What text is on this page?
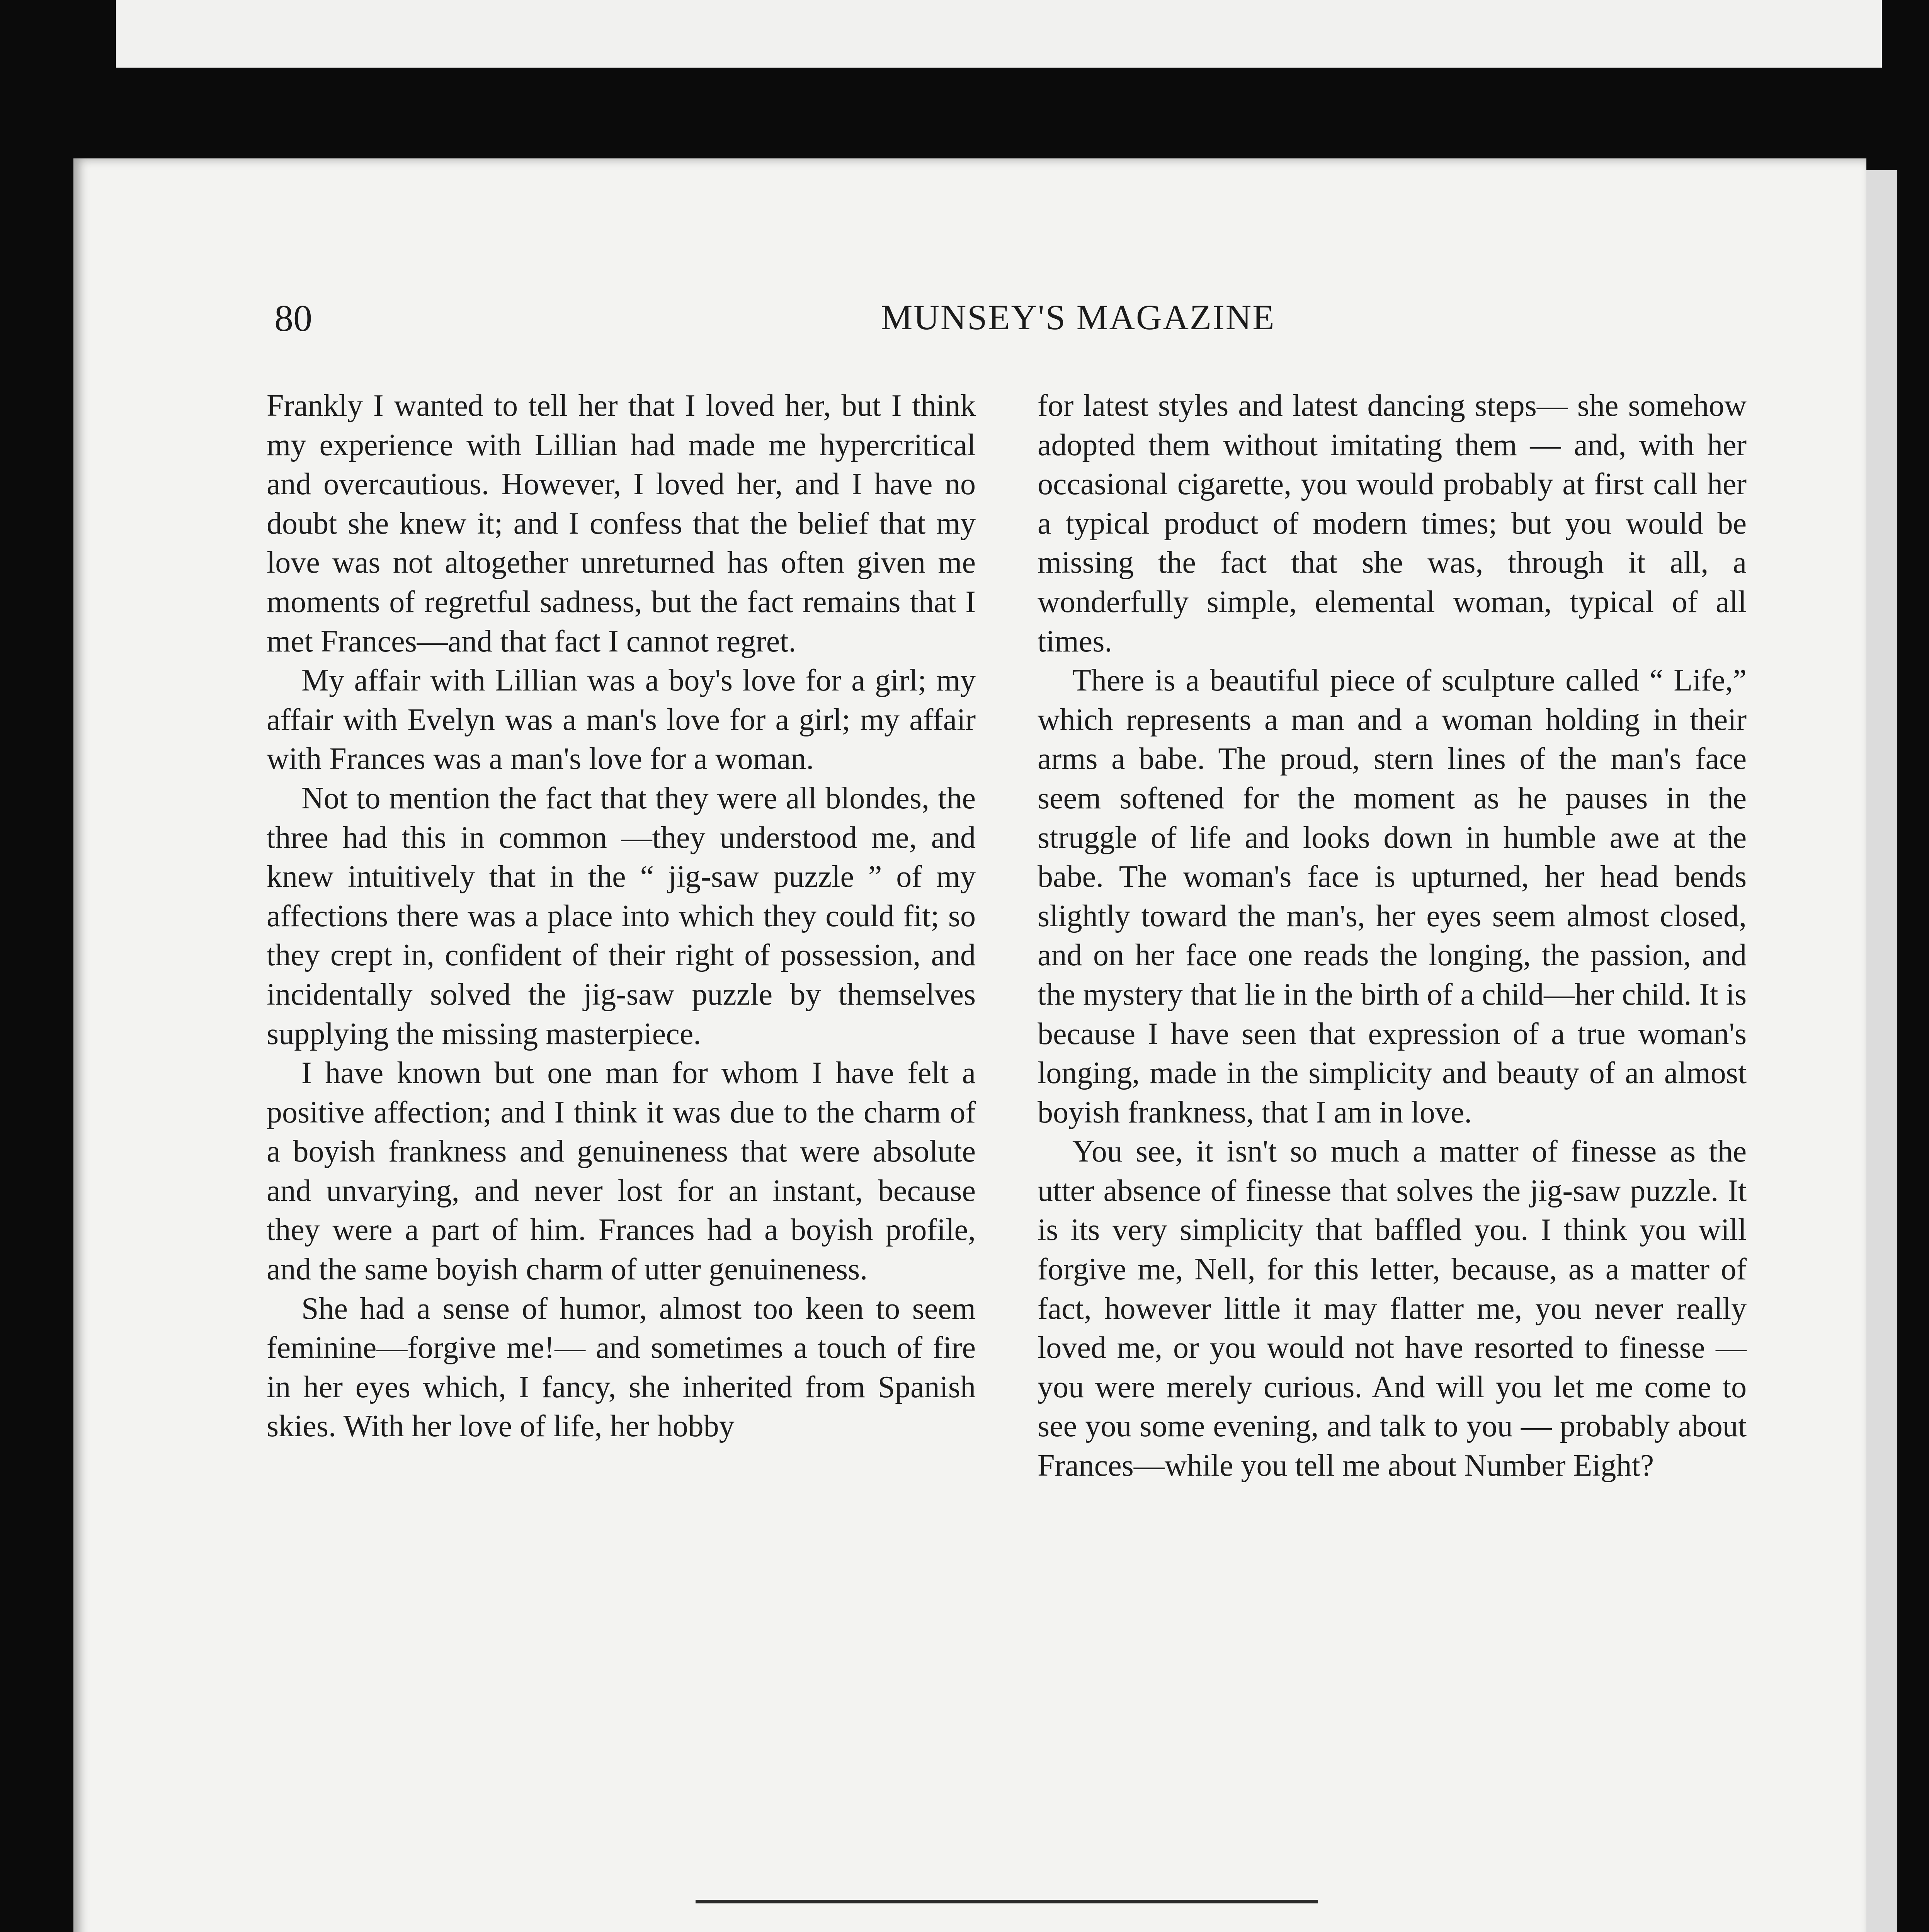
80	MUNSEY'S MAGAZINE

Frankly I wanted to tell her that I loved her, but I think my experience with Lillian had made me hypercritical and overcautious. However, I loved her, and I have no doubt she knew it; and I confess that the belief that my love was not altogether unreturned has often given me moments of regretful sadness, but the fact remains that I met Frances—and that fact I cannot regret.

My affair with Lillian was a boy's love for a girl; my affair with Evelyn was a man's love for a girl; my affair with Frances was a man's love for a woman.

Not to mention the fact that they were all blondes, the three had this in common —they understood me, and knew intuitively that in the “ jig-saw puzzle ” of my affections there was a place into which they could fit; so they crept in, confident of their right of possession, and incidentally solved the jig-saw puzzle by themselves supplying the missing masterpiece.

I have known but one man for whom I have felt a positive affection; and I think it was due to the charm of a boyish frankness and genuineness that were absolute and unvarying, and never lost for an instant, because they were a part of him. Frances had a boyish profile, and the same boyish charm of utter genuineness.

She had a sense of humor, almost too keen to seem feminine—forgive me!— and sometimes a touch of fire in her eyes which, I fancy, she inherited from Spanish skies. With her love of life, her hobby

for latest styles and latest dancing steps— she somehow adopted them without imitating them — and, with her occasional cigarette, you would probably at first call her a typical product of modern times; but you would be missing the fact that she was, through it all, a wonderfully simple, elemental woman, typical of all times.

There is a beautiful piece of sculpture called “ Life,” which represents a man and a woman holding in their arms a babe. The proud, stern lines of the man's face seem softened for the moment as he pauses in the struggle of life and looks down in humble awe at the babe. The woman's face is upturned, her head bends slightly toward the man's, her eyes seem almost closed, and on her face one reads the longing, the passion, and the mystery that lie in the birth of a child—her child. It is because I have seen that expression of a true woman's longing, made in the simplicity and beauty of an almost boyish frankness, that I am in love.

You see, it isn't so much a matter of finesse as the utter absence of finesse that solves the jig-saw puzzle. It is its very simplicity that baffled you. I think you will forgive me, Nell, for this letter, because, as a matter of fact, however little it may flatter me, you never really loved me, or you would not have resorted to finesse — you were merely curious. And will you let me come to see you some evening, and talk to you — probably about Frances—while you tell me about Number Eight?
